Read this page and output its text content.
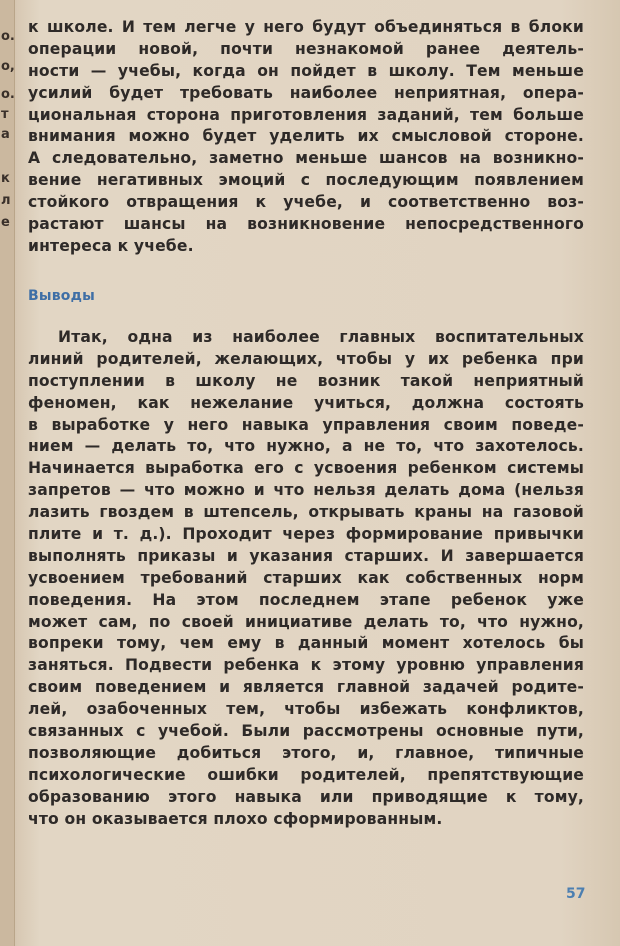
о.
о,
о.
т
а
к
л
е
к школе. И тем легче у него будут объединяться в блоки
операции новой, почти незнакомой ранее деятель-
ности — учебы, когда он пойдет в школу. Тем меньше
усилий будет требовать наиболее неприятная, опера-
циональная сторона приготовления заданий, тем больше
внимания можно будет уделить их смысловой стороне.
А следовательно, заметно меньше шансов на возникно-
вение негативных эмоций с последующим появлением
стойкого отвращения к учебе, и соответственно воз-
растают шансы на возникновение непосредственного
интереса к учебе.
Выводы
Итак, одна из наиболее главных воспитательных
линий родителей, желающих, чтобы у их ребенка при
поступлении в школу не возник такой неприятный
феномен, как нежелание учиться, должна состоять
в выработке у него навыка управления своим поведе-
нием — делать то, что нужно, а не то, что захотелось.
Начинается выработка его с усвоения ребенком системы
запретов — что можно и что нельзя делать дома (нельзя
лазить гвоздем в штепсель, открывать краны на газовой
плите и т. д.). Проходит через формирование привычки
выполнять приказы и указания старших. И завершается
усвоением требований старших как собственных норм
поведения. На этом последнем этапе ребенок уже
может сам, по своей инициативе делать то, что нужно,
вопреки тому, чем ему в данный момент хотелось бы
заняться. Подвести ребенка к этому уровню управления
своим поведением и является главной задачей родите-
лей, озабоченных тем, чтобы избежать конфликтов,
связанных с учебой. Были рассмотрены основные пути,
позволяющие добиться этого, и, главное, типичные
психологические ошибки родителей, препятствующие
образованию этого навыка или приводящие к тому,
что он оказывается плохо сформированным.
57
